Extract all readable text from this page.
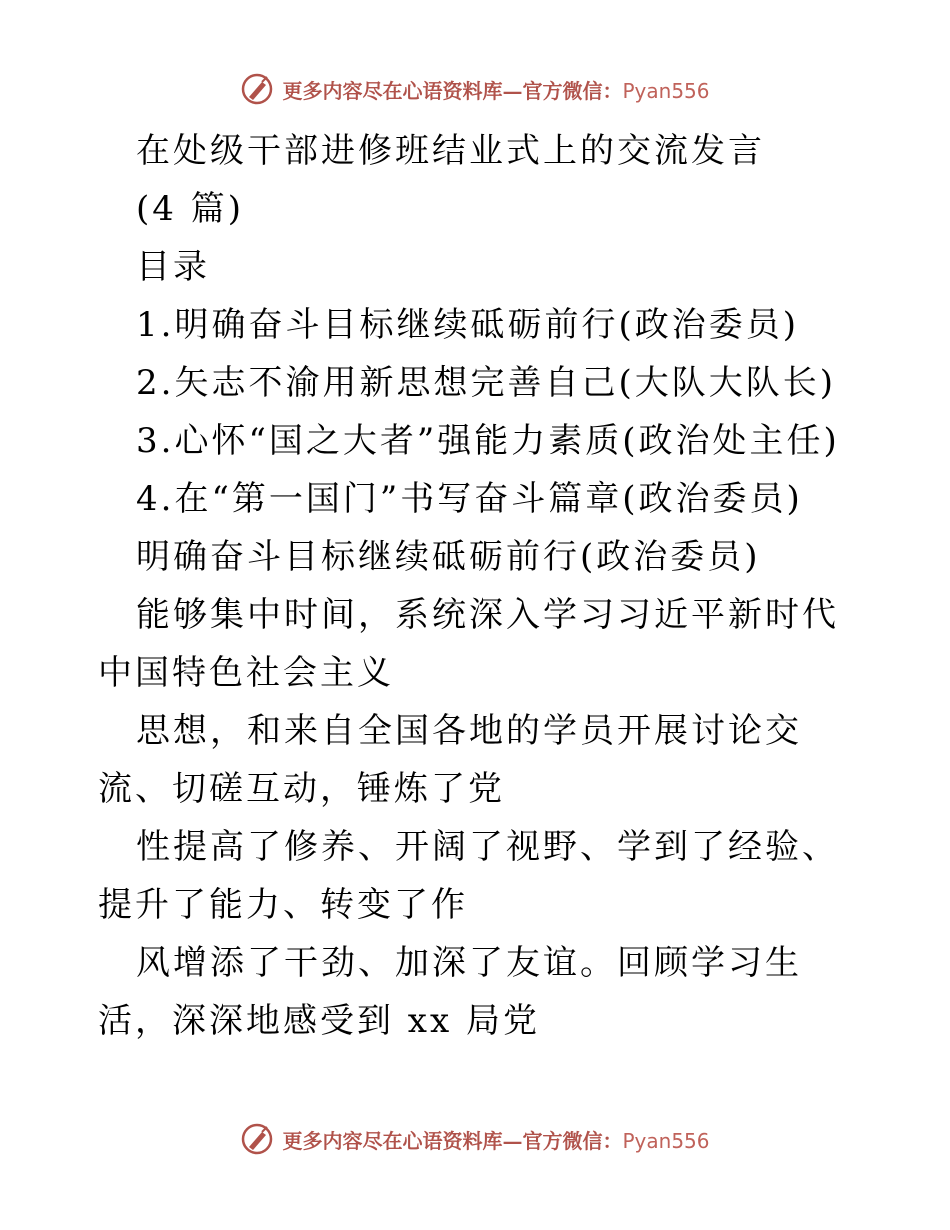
更多内容尽在心语资料库—官方微信：Pyan556
在处级干部进修班结业式上的交流发言
(4 篇)
目录
1.明确奋斗目标继续砥砺前行(政治委员)
2.矢志不渝用新思想完善自己(大队大队长)
3.心怀“国之大者”强能力素质(政治处主任)
4.在“第一国门”书写奋斗篇章(政治委员)
明确奋斗目标继续砥砺前行(政治委员)

能够集中时间，系统深入学习习近平新时代中国特色社会主义

思想，和来自全国各地的学员开展讨论交流、切磋互动，锤炼了党

性提高了修养、开阔了视野、学到了经验、提升了能力、转变了作

风增添了干劲、加深了友谊。回顾学习生活，深深地感受到 xx 局党

更多内容尽在心语资料库—官方微信：Pyan556
